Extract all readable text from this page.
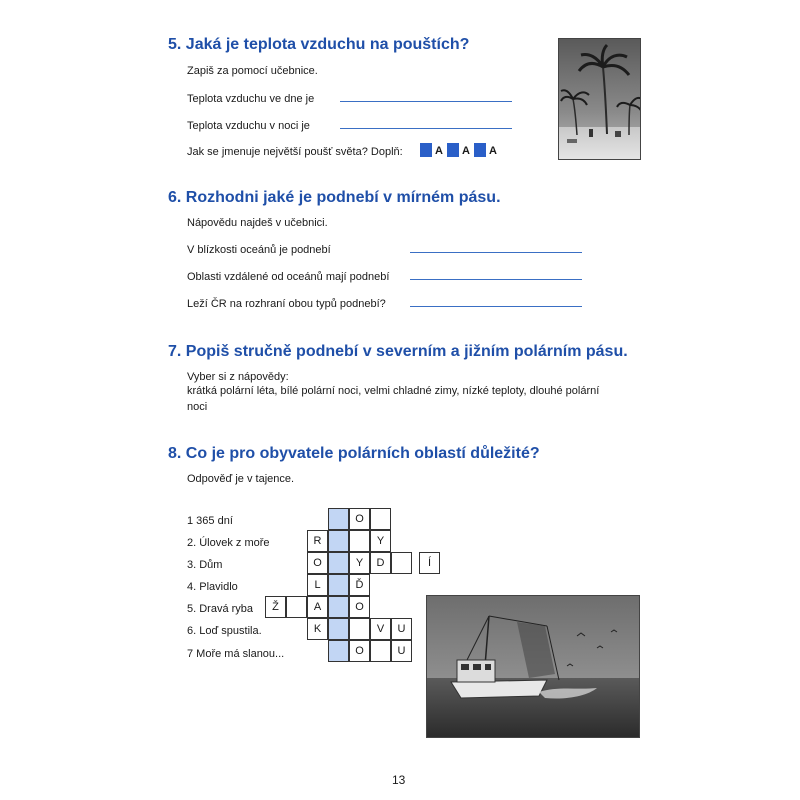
5. Jaká je teplota vzduchu na pouštích?
Zapiš za pomocí učebnice.
Teplota vzduchu ve dne je
Teplota vzduchu v noci je
Jak se jmenuje největší poušť světa? Doplň:	A A A
6. Rozhodni jaké je podnebí v mírném pásu.
Nápovědu najdeš v učebnici.
V blízkosti oceánů je podnebí
Oblasti vzdálené od oceánů mají podnebí
Leží ČR na rozhraní obou typů podnebí?
7. Popiš stručně podnebí v severním a jižním polárním pásu.
Vyber si z nápovědy:
krátká polární léta, bílé polární noci, velmi chladné zimy, nízké teploty, dlouhé polární
noci
8. Co je pro obyvatele polárních oblastí důležité?
Odpověď je v tajence.
1 365 dní
2. Úlovek z moře
3. Dům
4. Plavidlo
5. Dravá ryba
6. Loď spustila.
7 Moře má slanou...
O
R	Y
O	Y	D	Í
L	Ď
Ž	A	O
K	V	U
O	U
13
